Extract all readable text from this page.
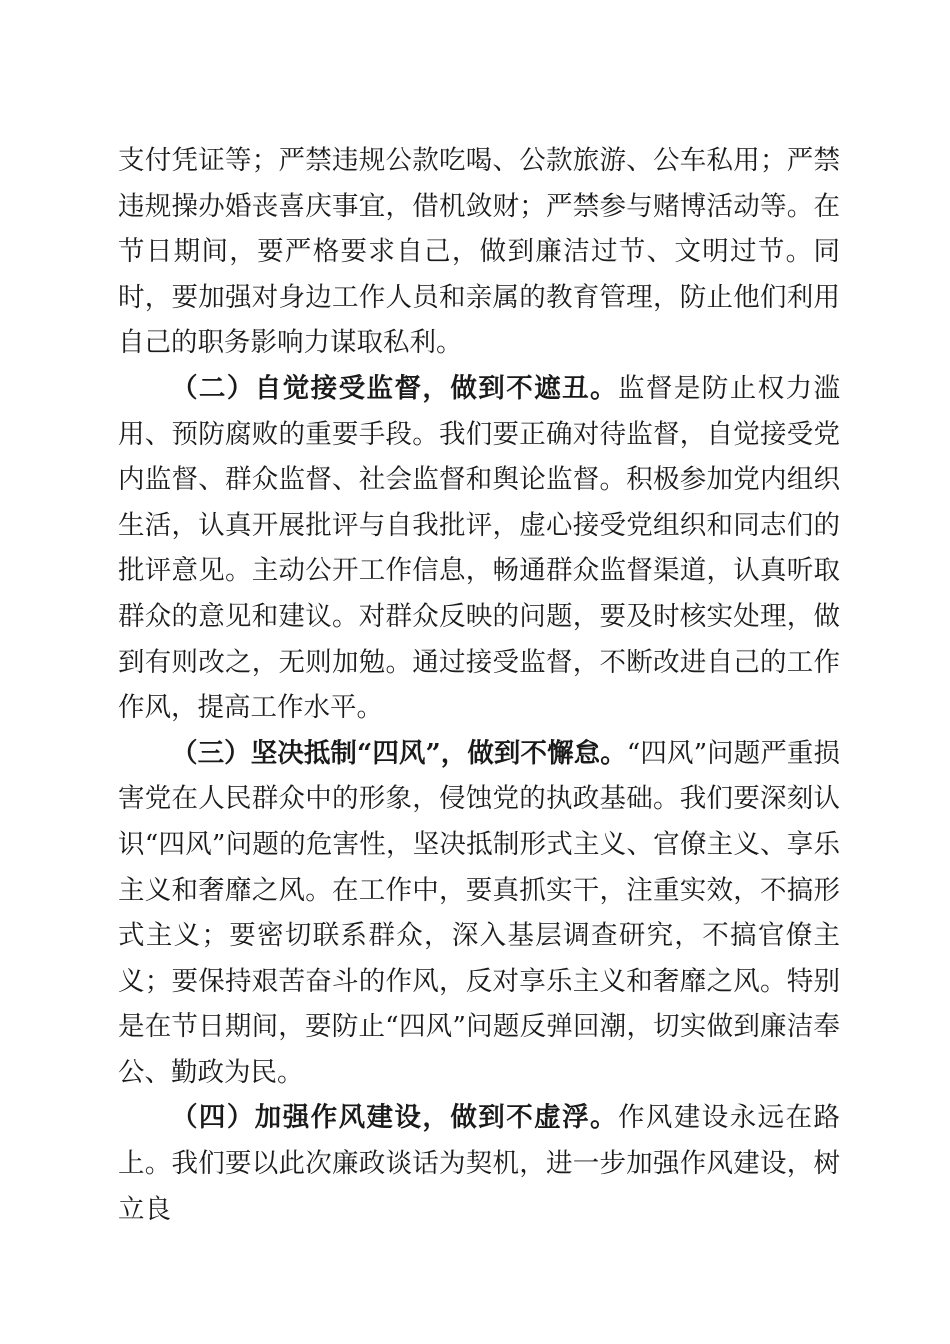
支付凭证等；严禁违规公款吃喝、公款旅游、公车私用；严禁违规操办婚丧喜庆事宜，借机敛财；严禁参与赌博活动等。在节日期间，要严格要求自己，做到廉洁过节、文明过节。同时，要加强对身边工作人员和亲属的教育管理，防止他们利用自己的职务影响力谋取私利。

（二）自觉接受监督，做到不遮丑。监督是防止权力滥用、预防腐败的重要手段。我们要正确对待监督，自觉接受党内监督、群众监督、社会监督和舆论监督。积极参加党内组织生活，认真开展批评与自我批评，虚心接受党组织和同志们的批评意见。主动公开工作信息，畅通群众监督渠道，认真听取群众的意见和建议。对群众反映的问题，要及时核实处理，做到有则改之，无则加勉。通过接受监督，不断改进自己的工作作风，提高工作水平。

（三）坚决抵制“四风”，做到不懈怠。“四风”问题严重损害党在人民群众中的形象，侵蚀党的执政基础。我们要深刻认识“四风”问题的危害性，坚决抵制形式主义、官僚主义、享乐主义和奢靡之风。在工作中，要真抓实干，注重实效，不搞形式主义；要密切联系群众，深入基层调查研究，不搞官僚主义；要保持艰苦奋斗的作风，反对享乐主义和奢靡之风。特别是在节日期间，要防止“四风”问题反弹回潮，切实做到廉洁奉公、勤政为民。

（四）加强作风建设，做到不虚浮。作风建设永远在路上。我们要以此次廉政谈话为契机，进一步加强作风建设，树立良
